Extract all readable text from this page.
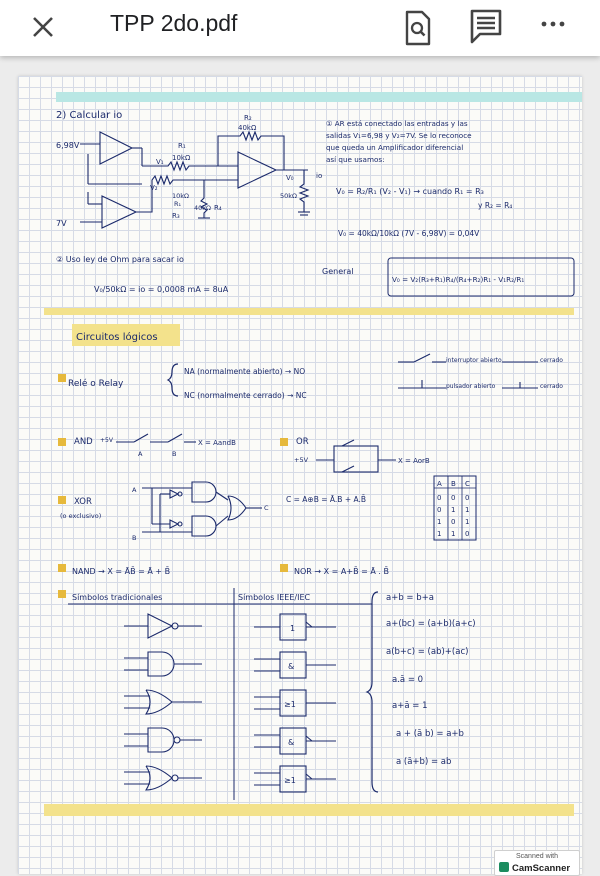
TPP 2do.pdf
2) Calcular io
6,98V
7V
R₂
40kΩ
R₁
10kΩ
V₁
V₂
10kΩ
R₁
R₃
40kΩ R₄
V₀	io
50kΩ
① AR está conectado las entradas y las
salidas V₁=6,98 y V₂=7V. Se lo reconoce
que queda un Amplificador diferencial
así que usamos:
V₀ = R₂/R₁ (V₂ - V₁) → cuando R₁ = R₃
y R₂ = R₄
V₀ = 40kΩ/10kΩ (7V - 6,98V) = 0,04V
② Uso ley de Ohm para sacar io
V₀/50kΩ = io = 0,0008 mA = 8uA
General
V₀ = V₂(R₃+R₁)R₄/(R₄+R₂)R₁ - V₁R₂/R₁
Circuitos lógicos
Relé o Relay
NA (normalmente abierto) → NO
NC (normalmente cerrado) → NC
interruptor abierto	cerrado
pulsador abierto	cerrado
AND +5V	X = AandB
A	B
OR
+5V	X = AorB
XOR
(o exclusivo)
A
B
C
C = A⊕B = Ā.B + A.B̄
A B C
0 0 0
0 1 1
1 0 1
1 1 0
NAND → X = ĀB̄ = Ā + B̄	NOR → X = A+B̄ = Ā . B̄
Símbolos tradicionales	Símbolos IEEE/IEC
1
&
≥1
&
≥1
a+b = b+a
a+(bc) = (a+b)(a+c)
a(b+c) = (ab)+(ac)
a.ā = 0
a+ā = 1
a + (ā b) = a+b
a (ā+b) = ab
Scanned with
CamScanner
